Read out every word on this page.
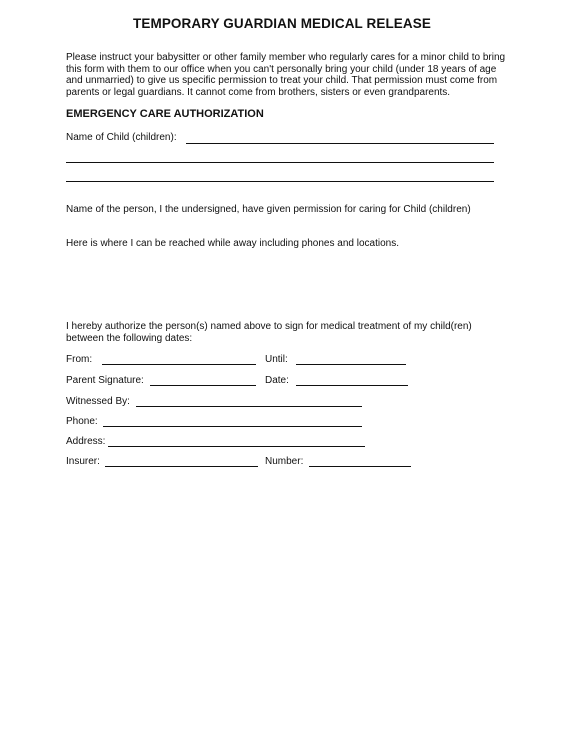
TEMPORARY GUARDIAN MEDICAL RELEASE
Please instruct your babysitter or other family member who regularly cares for a minor child to bring this form with them to our office when you can't personally bring your child (under 18 years of age and unmarried) to give us specific permission to treat your child. That permission must come from parents or legal guardians. It cannot come from brothers, sisters or even grandparents.
EMERGENCY CARE AUTHORIZATION
Name of Child (children):
Name of the person, I the undersigned, have given permission for caring for Child (children)
Here is where I can be reached while away including phones and locations.
I hereby authorize the person(s) named above to sign for medical treatment of my child(ren) between the following dates:
From:	Until:
Parent Signature:	Date:
Witnessed By:
Phone:
Address:
Insurer:	Number:
